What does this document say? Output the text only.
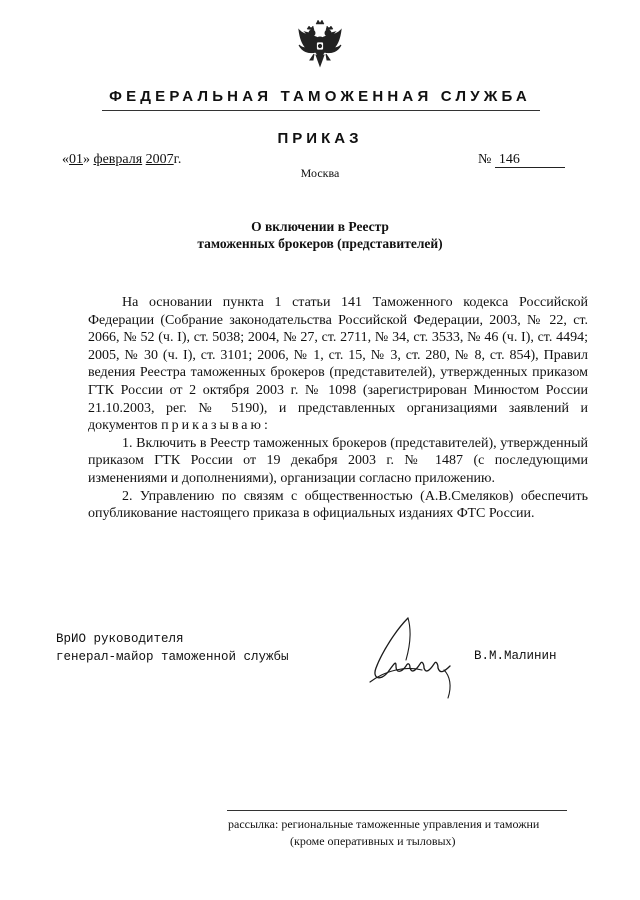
ФЕДЕРАЛЬНАЯ ТАМОЖЕННАЯ СЛУЖБА
ПРИКАЗ
«01» февраля 2007г.	№ 146
Москва
О включении в Реестр
таможенных брокеров (представителей)

На основании пункта 1 статьи 141 Таможенного кодекса Российской Федерации (Собрание законодательства Российской Федерации, 2003, № 22, ст. 2066, № 52 (ч. I), ст. 5038; 2004, № 27, ст. 2711, № 34, ст. 3533, № 46 (ч. I), ст. 4494; 2005, № 30 (ч. I), ст. 3101; 2006, № 1, ст. 15, № 3, ст. 280, № 8, ст. 854), Правил ведения Реестра таможенных брокеров (представителей), утвержденных приказом ГТК России от 2 октября 2003 г. № 1098 (зарегистрирован Минюстом России 21.10.2003, рег. № 5190), и представленных организациями заявлений и документов приказываю:

1. Включить в Реестр таможенных брокеров (представителей), утвержденный приказом ГТК России от 19 декабря 2003 г. № 1487 (с последующими изменениями и дополнениями), организации согласно приложению.

2. Управлению по связям с общественностью (А.В.Смеляков) обеспечить опубликование настоящего приказа в официальных изданиях ФТС России.

ВрИО руководителя
генерал-майор таможенной службы	В.М.Малинин
рассылка: региональные таможенные управления и таможни
(кроме оперативных и тыловых)
